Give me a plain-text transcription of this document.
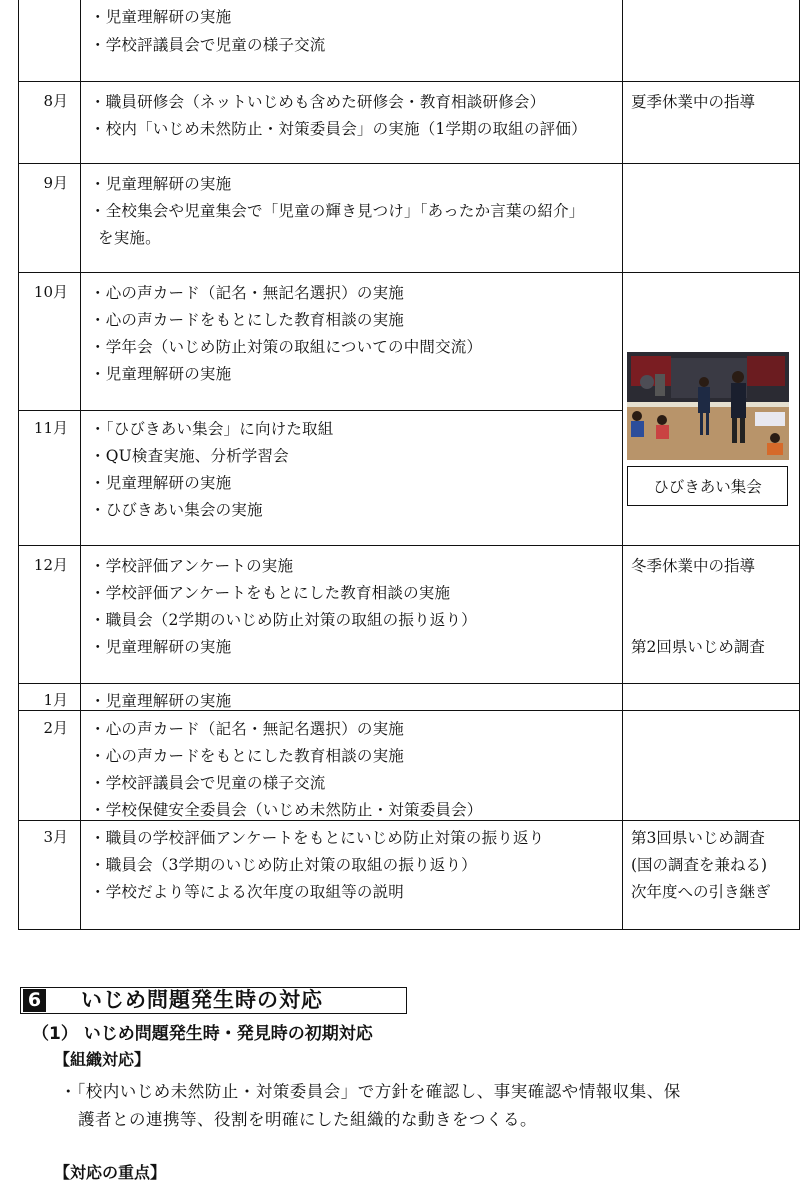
・児童理解研の実施
・学校評議員会で児童の様子交流
8月 ・職員研修会（ネットいじめも含めた研修会・教育相談研修会）
・校内「いじめ未然防止・対策委員会」の実施（1学期の取組の評価）
夏季休業中の指導
9月 ・児童理解研の実施
・全校集会や児童集会で「児童の輝き見つけ」「あったか言葉の紹介」
を実施。
10月 ・心の声カード（記名・無記名選択）の実施
・心の声カードをもとにした教育相談の実施
・学年会（いじめ防止対策の取組についての中間交流）
・児童理解研の実施
11月 ・「ひびきあい集会」に向けた取組
・QU検査実施、分析学習会
・児童理解研の実施
・ひびきあい集会の実施
12月 ・学校評価アンケートの実施
・学校評価アンケートをもとにした教育相談の実施
・職員会（2学期のいじめ防止対策の取組の振り返り）
・児童理解研の実施
冬季休業中の指導
第2回県いじめ調査
1月 ・児童理解研の実施
2月 ・心の声カード（記名・無記名選択）の実施
・心の声カードをもとにした教育相談の実施
・学校評議員会で児童の様子交流
・学校保健安全委員会（いじめ未然防止・対策委員会）
3月 ・職員の学校評価アンケートをもとにいじめ防止対策の振り返り
・職員会（3学期のいじめ防止対策の取組の振り返り）
・学校だより等による次年度の取組等の説明
第3回県いじめ調査
(国の調査を兼ねる)
次年度への引き継ぎ
ひびきあい集会
6 いじめ問題発生時の対応
（1） いじめ問題発生時・発見時の初期対応
【組織対応】
・「校内いじめ未然防止・対策委員会」で方針を確認し、事実確認や情報収集、保
護者との連携等、役割を明確にした組織的な動きをつくる。
【対応の重点】
